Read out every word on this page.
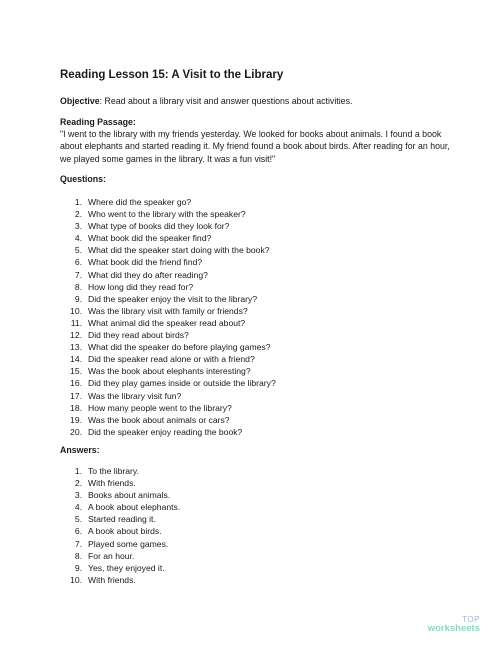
Reading Lesson 15: A Visit to the Library
Objective: Read about a library visit and answer questions about activities.
Reading Passage:
"I went to the library with my friends yesterday. We looked for books about animals. I found a book about elephants and started reading it. My friend found a book about birds. After reading for an hour, we played some games in the library. It was a fun visit!"
Questions:
1. Where did the speaker go?
2. Who went to the library with the speaker?
3. What type of books did they look for?
4. What book did the speaker find?
5. What did the speaker start doing with the book?
6. What book did the friend find?
7. What did they do after reading?
8. How long did they read for?
9. Did the speaker enjoy the visit to the library?
10. Was the library visit with family or friends?
11. What animal did the speaker read about?
12. Did they read about birds?
13. What did the speaker do before playing games?
14. Did the speaker read alone or with a friend?
15. Was the book about elephants interesting?
16. Did they play games inside or outside the library?
17. Was the library visit fun?
18. How many people went to the library?
19. Was the book about animals or cars?
20. Did the speaker enjoy reading the book?
Answers:
1. To the library.
2. With friends.
3. Books about animals.
4. A book about elephants.
5. Started reading it.
6. A book about birds.
7. Played some games.
8. For an hour.
9. Yes, they enjoyed it.
10. With friends.
TOP
worksheets
